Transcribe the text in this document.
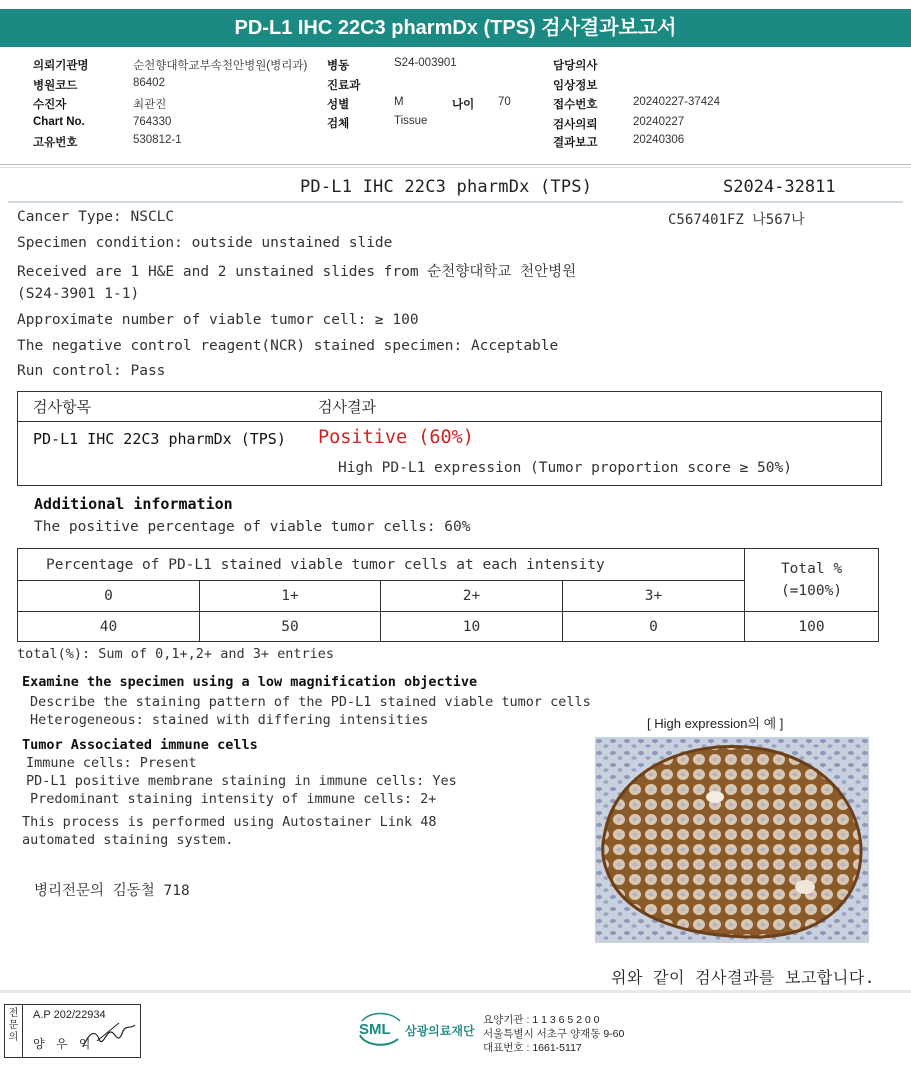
PD-L1 IHC 22C3 pharmDx (TPS) 검사결과보고서
의뢰기관명	순천향대학교부속천안병원(병리과)
병원코드	86402
수진자	최관진
Chart No.	764330
고유번호	530812-1
병동	S24-003901
진료과
성별	M	나이 70
검체	Tissue
담당의사
임상정보
접수번호	20240227-37424
검사의뢰	20240227
결과보고	20240306
PD-L1 IHC 22C3 pharmDx (TPS)	S2024-32811
C567401FZ 나567나
Cancer Type: NSCLC
Specimen condition: outside unstained slide
Received are 1 H&E and 2 unstained slides from 순천향대학교 천안병원
(S24-3901 1-1)
Approximate number of viable tumor cell: ≥ 100
The negative control reagent(NCR) stained specimen: Acceptable
Run control: Pass
검사항목	검사결과
PD-L1 IHC 22C3 pharmDx (TPS) Positive (60%)
High PD-L1 expression (Tumor proportion score ≥ 50%)
Additional information
The positive percentage of viable tumor cells: 60%
Percentage of PD-L1 stained viable tumor cells at each intensity				Total %
(=100%)
0	1+	2+	3+	
40	50	10	0	100
total(%): Sum of 0,1+,2+ and 3+ entries
Examine the specimen using a low magnification objective
Describe the staining pattern of the PD-L1 stained viable tumor cells
Heterogeneous: stained with differing intensities
Tumor Associated immune cells
Immune cells: Present
PD-L1 positive membrane staining in immune cells: Yes
Predominant staining intensity of immune cells: 2+
This process is performed using Autostainer Link 48
automated staining system.
[ High expression의 예 ]
병리전문의 김동철 718
위와 같이 검사결과를 보고합니다.
전
문
의
A.P 202/22934
양 우 익
SML 삼광의료재단
요양기관 : 1 1 3 6 5 2 0 0
서울특별시 서초구 양재동 9-60
대표번호 : 1661-5117
